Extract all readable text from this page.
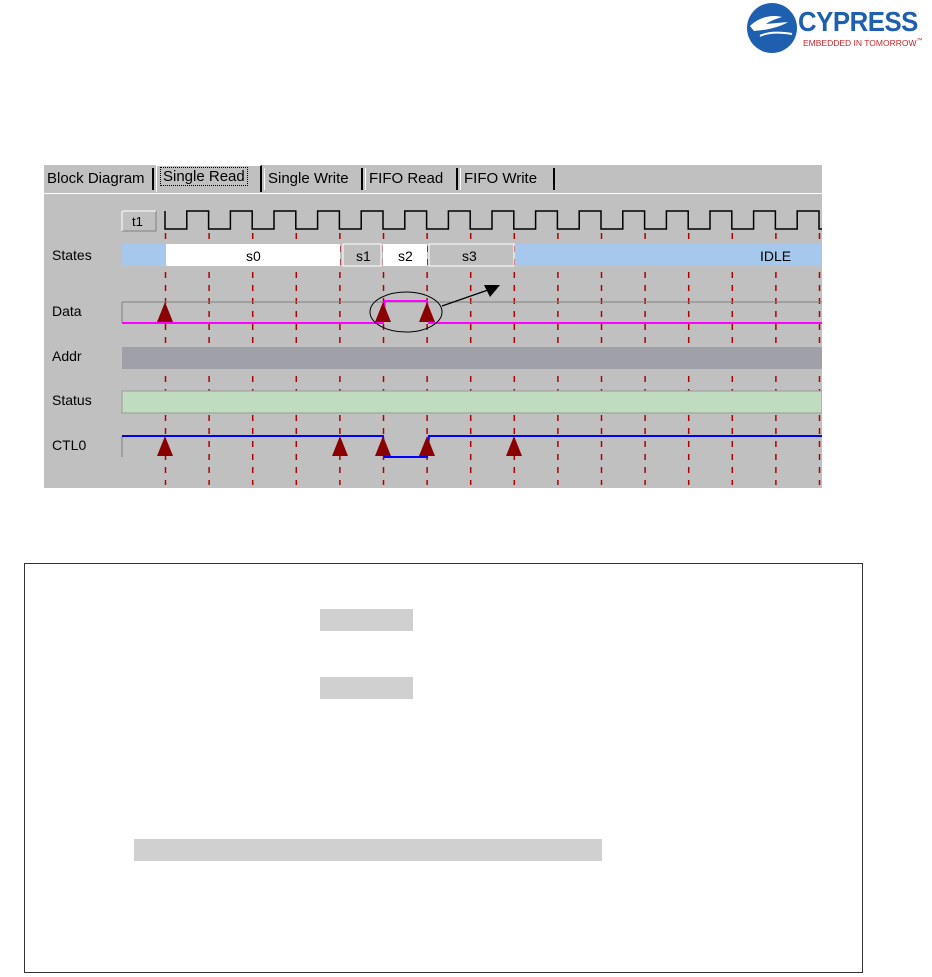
CYPRESS
EMBEDDED IN TOMORROW™
Block Diagram	Single Read	Single Write	FIFO Read	FIFO Write
States
Data
Addr
Status
CTL0
t1
s0	s1 s2	s3	IDLE
